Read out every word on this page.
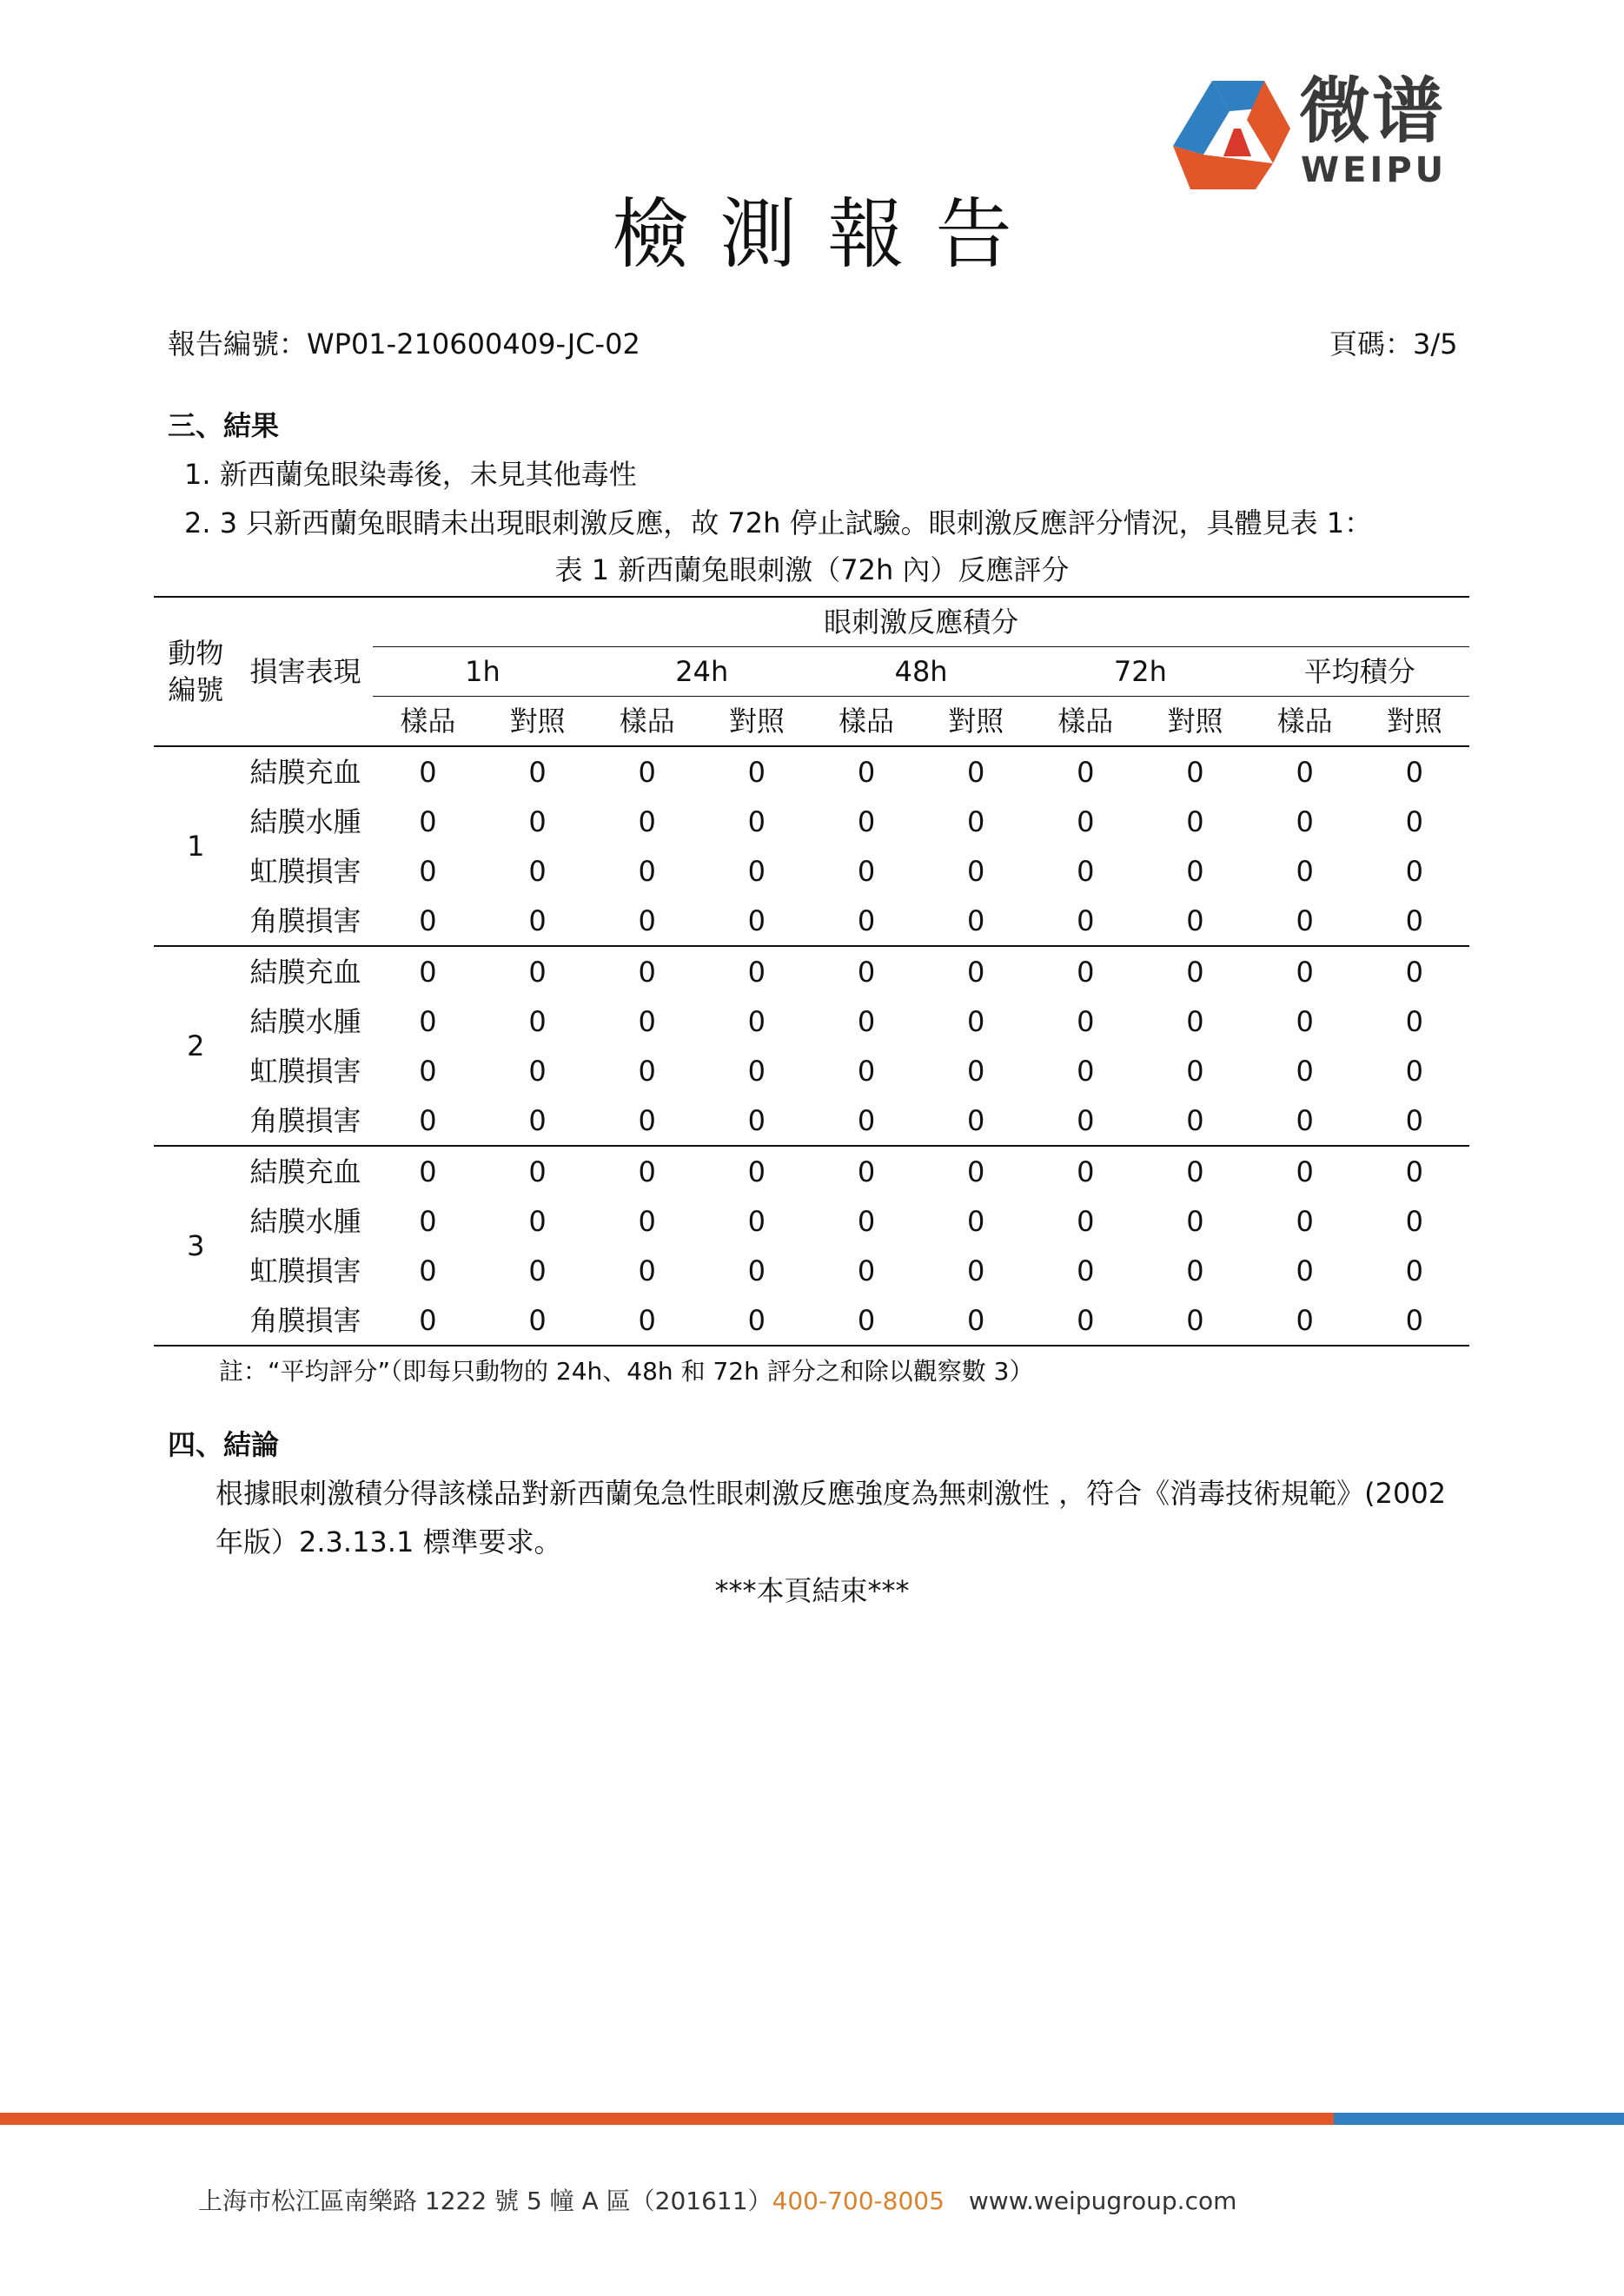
微谱
WEIPU
檢測報告
報告編號：WP01-210600409-JC-02	頁碼：3/5
三、結果
1. 新西蘭兔眼染毒後，未見其他毒性
2. 3 只新西蘭兔眼睛未出現眼刺激反應，故 72h 停止試驗。眼刺激反應評分情況，具體見表 1：
表 1 新西蘭兔眼刺激（72h 內）反應評分
動物
編號	損害表現	眼刺激反應積分									
		1h		24h		48h		72h		平均積分	
		樣品	對照	樣品	對照	樣品	對照	樣品	對照	樣品	對照
1	結膜充血	0	0	0	0	0	0	0	0	0	0
	結膜水腫	0	0	0	0	0	0	0	0	0	0
	虹膜損害	0	0	0	0	0	0	0	0	0	0
	角膜損害	0	0	0	0	0	0	0	0	0	0
2	結膜充血	0	0	0	0	0	0	0	0	0	0
	結膜水腫	0	0	0	0	0	0	0	0	0	0
	虹膜損害	0	0	0	0	0	0	0	0	0	0
	角膜損害	0	0	0	0	0	0	0	0	0	0
3	結膜充血	0	0	0	0	0	0	0	0	0	0
	結膜水腫	0	0	0	0	0	0	0	0	0	0
	虹膜損害	0	0	0	0	0	0	0	0	0	0
	角膜損害	0	0	0	0	0	0	0	0	0	0
註：“平均評分”（即每只動物的 24h、48h 和 72h 評分之和除以觀察數 3）
四、結論
根據眼刺激積分得該樣品對新西蘭兔急性眼刺激反應強度為無刺激性 ，符合《消毒技術規範》(2002
年版）2.3.13.1 標準要求。
***本頁結束***
上海市松江區南樂路 1222 號 5 幢 A 區（201611）400-700-8005 www.weipugroup.com
